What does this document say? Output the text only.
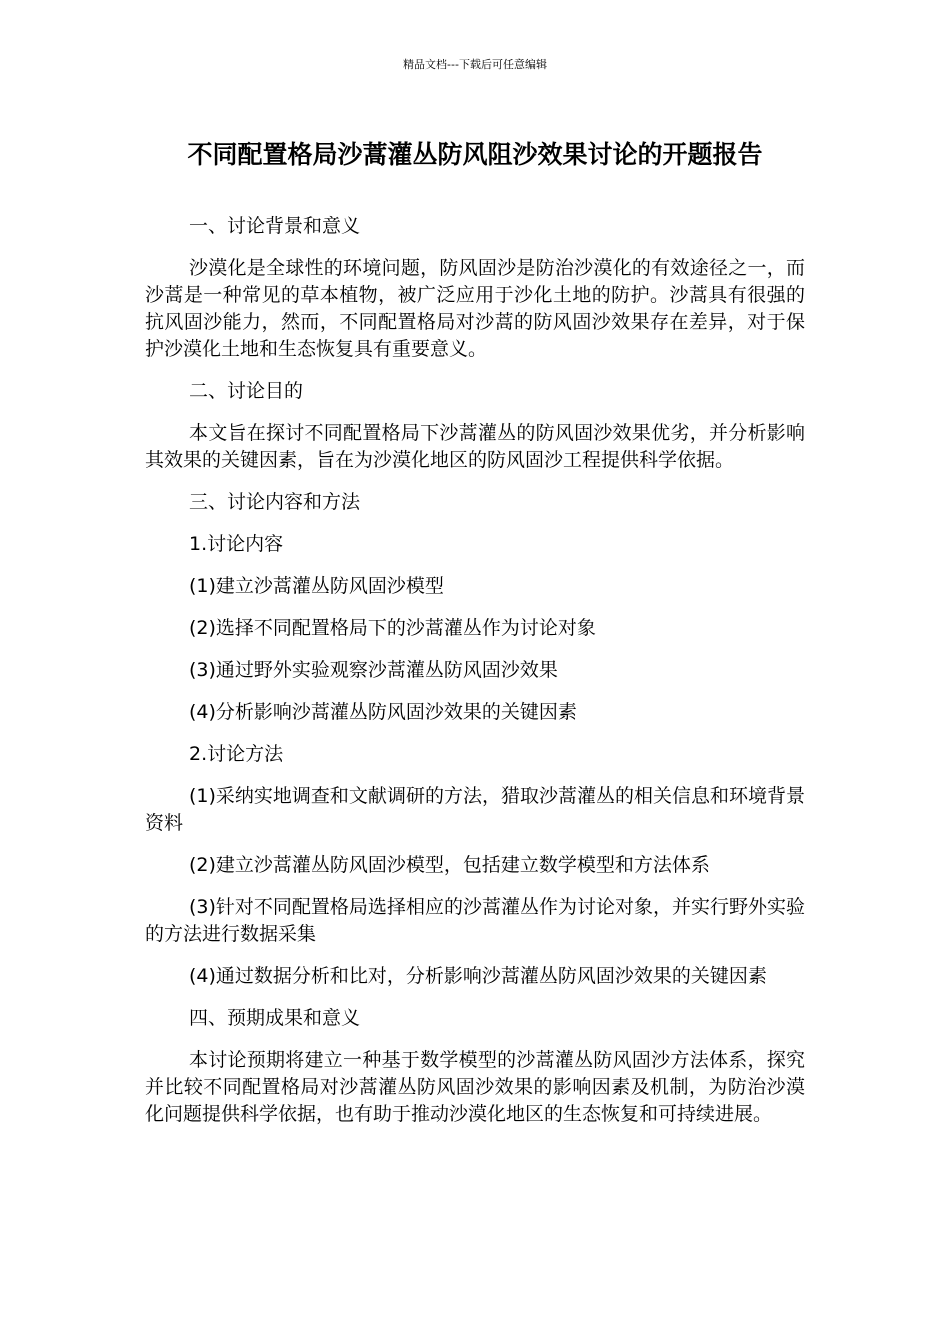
精品文档---下载后可任意编辑
不同配置格局沙蒿灌丛防风阻沙效果讨论的开题报告

一、讨论背景和意义

沙漠化是全球性的环境问题，防风固沙是防治沙漠化的有效途径之一，而沙蒿是一种常见的草本植物，被广泛应用于沙化土地的防护。沙蒿具有很强的抗风固沙能力，然而，不同配置格局对沙蒿的防风固沙效果存在差异，对于保护沙漠化土地和生态恢复具有重要意义。

二、讨论目的

本文旨在探讨不同配置格局下沙蒿灌丛的防风固沙效果优劣，并分析影响其效果的关键因素，旨在为沙漠化地区的防风固沙工程提供科学依据。

三、讨论内容和方法

1.讨论内容

(1)建立沙蒿灌丛防风固沙模型

(2)选择不同配置格局下的沙蒿灌丛作为讨论对象

(3)通过野外实验观察沙蒿灌丛防风固沙效果

(4)分析影响沙蒿灌丛防风固沙效果的关键因素

2.讨论方法

(1)采纳实地调查和文献调研的方法，猎取沙蒿灌丛的相关信息和环境背景资料

(2)建立沙蒿灌丛防风固沙模型，包括建立数学模型和方法体系

(3)针对不同配置格局选择相应的沙蒿灌丛作为讨论对象，并实行野外实验的方法进行数据采集

(4)通过数据分析和比对，分析影响沙蒿灌丛防风固沙效果的关键因素

四、预期成果和意义

本讨论预期将建立一种基于数学模型的沙蒿灌丛防风固沙方法体系，探究并比较不同配置格局对沙蒿灌丛防风固沙效果的影响因素及机制，为防治沙漠化问题提供科学依据，也有助于推动沙漠化地区的生态恢复和可持续进展。
